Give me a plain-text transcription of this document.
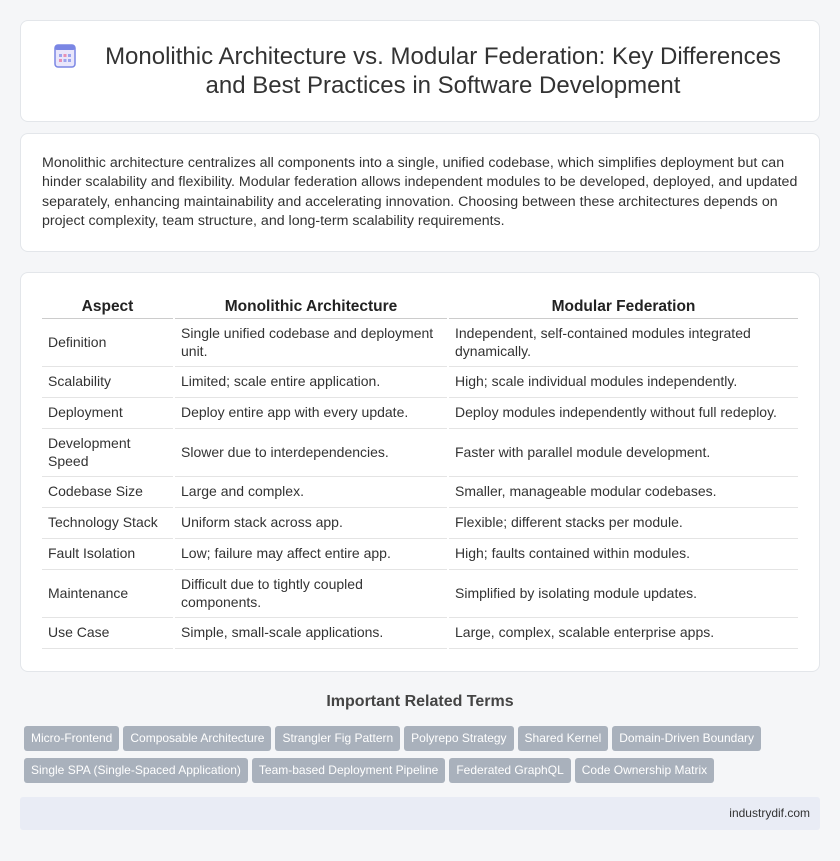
Monolithic Architecture vs. Modular Federation: Key Differences and Best Practices in Software Development

Monolithic architecture centralizes all components into a single, unified codebase, which simplifies deployment but can hinder scalability and flexibility. Modular federation allows independent modules to be developed, deployed, and updated separately, enhancing maintainability and accelerating innovation. Choosing between these architectures depends on project complexity, team structure, and long-term scalability requirements.

Aspect	Monolithic Architecture	Modular Federation
Definition	Single unified codebase and deployment unit.	Independent, self-contained modules integrated dynamically.
Scalability	Limited; scale entire application.	High; scale individual modules independently.
Deployment	Deploy entire app with every update.	Deploy modules independently without full redeploy.
Development Speed	Slower due to interdependencies.	Faster with parallel module development.
Codebase Size	Large and complex.	Smaller, manageable modular codebases.
Technology Stack	Uniform stack across app.	Flexible; different stacks per module.
Fault Isolation	Low; failure may affect entire app.	High; faults contained within modules.
Maintenance	Difficult due to tightly coupled components.	Simplified by isolating module updates.
Use Case	Simple, small-scale applications.	Large, complex, scalable enterprise apps.
Important Related Terms
Micro-Frontend Composable Architecture Strangler Fig Pattern Polyrepo Strategy Shared Kernel Domain-Driven BoundarySingle SPA (Single-Spaced Application) Team-based Deployment Pipeline Federated GraphQL Code Ownership Matrix
industrydif.com
